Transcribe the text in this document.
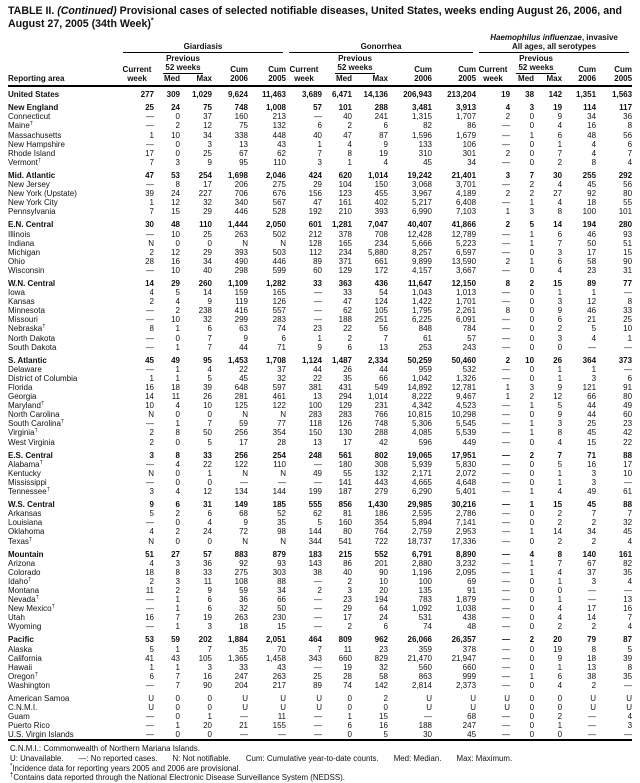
TABLE II. (Continued) Provisional cases of selected notifiable diseases, United States, weeks ending August 26, 2006, and August 27, 2005 (34th Week)*

	Giardiasis					Gonorrhea					Haemophilus influenzae, invasive
All ages, all serotypes				

		Previous					Previous					Previous			
	Current	52 weeks		Cum	Cum	Current	52 weeks		Cum	Cum	Current	52 weeks		Cum	Cum
Reporting area	week	Med	Max	2006	2005	week	Med	Max	2006	2005	week	Med	Max	2006	2005
United States	277	309	1,029	9,624	11,463	3,689	6,471	14,136	206,943	213,204	19	38	142	1,351	1,563
New England	25	24	75	748	1,008	57	101	288	3,481	3,913	4	3	19	114	117
Connecticut	—	0	37	160	213	—	40	241	1,315	1,707	2	0	9	34	36
Maine†	—	2	12	75	132	6	2	6	82	86	—	0	4	16	8
Massachusetts	1	10	34	338	448	40	47	87	1,596	1,679	—	1	6	48	56
New Hampshire	—	0	3	13	43	1	4	9	133	106	—	0	1	4	6
Rhode Island	17	0	25	67	62	7	8	19	310	301	2	0	7	4	7
Vermont†	7	3	9	95	110	3	1	4	45	34	—	0	2	8	4
Mid. Atlantic	47	53	254	1,698	2,046	424	620	1,014	19,242	21,401	3	7	30	255	292
New Jersey	—	8	17	206	275	29	104	150	3,068	3,701	—	2	4	45	56
New York (Upstate)	39	24	227	706	676	156	123	455	3,967	4,189	2	2	27	92	80
New York City	1	12	32	340	567	47	161	402	5,217	6,408	—	1	4	18	55
Pennsylvania	7	15	29	446	528	192	210	393	6,990	7,103	1	3	8	100	101
E.N. Central	30	48	110	1,444	2,050	601	1,281	7,047	40,407	41,866	2	5	14	194	280
Illinois	—	10	25	263	502	212	378	708	12,428	12,789	—	1	6	46	93
Indiana	N	0	0	N	N	128	165	234	5,666	5,223	—	1	7	50	51
Michigan	2	12	29	393	503	112	234	5,880	8,257	6,597	—	0	3	17	15
Ohio	28	16	34	490	446	89	371	661	9,899	13,590	2	1	6	58	90
Wisconsin	—	10	40	298	599	60	129	172	4,157	3,667	—	0	4	23	31
W.N. Central	14	29	260	1,109	1,282	33	363	436	11,647	12,150	8	2	15	89	77
Iowa	4	5	14	159	165	—	33	54	1,043	1,013	—	0	1	1	—
Kansas	2	4	9	119	126	—	47	124	1,422	1,701	—	0	3	12	8
Minnesota	—	2	238	416	557	—	62	105	1,795	2,261	8	0	9	46	33
Missouri	—	10	32	299	283	—	188	251	6,225	6,091	—	0	6	21	25
Nebraska†	8	1	6	63	74	23	22	56	848	784	—	0	2	5	10
North Dakota	—	0	7	9	6	1	2	7	61	57	—	0	3	4	1
South Dakota	—	1	7	44	71	9	6	13	253	243	—	0	0	—	—
S. Atlantic	45	49	95	1,453	1,708	1,124	1,487	2,334	50,259	50,460	2	10	26	364	373
Delaware	—	1	4	22	37	44	26	44	959	532	—	0	1	1	—
District of Columbia	1	1	5	45	32	22	35	66	1,042	1,326	—	0	1	3	6
Florida	16	18	39	648	597	381	431	549	14,892	12,781	1	3	9	121	91
Georgia	14	11	26	281	461	13	294	1,014	8,222	9,467	1	2	12	66	80
Maryland†	10	4	10	125	122	100	129	231	4,342	4,523	—	1	5	44	49
North Carolina	N	0	0	N	N	283	283	766	10,815	10,298	—	0	9	44	60
South Carolina†	—	1	7	59	77	118	126	748	5,306	5,545	—	1	3	25	23
Virginia†	2	8	50	256	354	150	130	288	4,085	5,539	—	1	8	45	42
West Virginia	2	0	5	17	28	13	17	42	596	449	—	0	4	15	22
E.S. Central	3	8	33	256	254	248	561	802	19,065	17,951	—	2	7	71	88
Alabama†	—	4	22	122	110	—	180	308	5,939	5,830	—	0	5	16	17
Kentucky	N	0	1	N	N	49	55	132	2,171	2,072	—	0	1	3	10
Mississippi	—	0	0	—	—	—	141	443	4,665	4,648	—	0	1	3	—
Tennessee†	3	4	12	134	144	199	187	279	6,290	5,401	—	1	4	49	61
W.S. Central	9	6	31	149	185	555	856	1,430	29,985	30,216	—	1	15	45	88
Arkansas	5	2	6	68	52	62	81	186	2,595	2,786	—	0	2	7	7
Louisiana	—	0	4	9	35	5	160	354	5,894	7,141	—	0	2	2	32
Oklahoma	4	2	24	72	98	144	80	764	2,759	2,953	—	1	14	34	45
Texas†	N	0	0	N	N	344	541	722	18,737	17,336	—	0	2	2	4
Mountain	51	27	57	883	879	183	215	552	6,791	8,890	—	4	8	140	161
Arizona	4	3	36	92	93	143	86	201	2,880	3,232	—	1	7	67	82
Colorado	18	8	33	275	303	38	40	90	1,196	2,095	—	1	4	37	35
Idaho†	2	3	11	108	88	—	2	10	100	69	—	0	1	3	4
Montana	11	2	9	59	34	2	3	20	135	91	—	0	0	—	—
Nevada†	—	1	6	36	66	—	23	194	783	1,879	—	0	1	—	13
New Mexico†	—	1	6	32	50	—	29	64	1,092	1,038	—	0	4	17	16
Utah	16	7	19	263	230	—	17	24	531	438	—	0	4	14	7
Wyoming	—	1	3	18	15	—	2	6	74	48	—	0	2	2	4
Pacific	53	59	202	1,884	2,051	464	809	962	26,066	26,357	—	2	20	79	87
Alaska	5	1	7	35	70	7	11	23	359	378	—	0	19	8	5
California	41	43	105	1,365	1,458	343	660	829	21,470	21,947	—	0	9	18	39
Hawaii	1	1	3	33	43	—	19	32	560	660	—	0	1	13	8
Oregon†	6	7	16	247	263	25	28	58	863	999	—	1	6	38	35
Washington	—	7	90	204	217	89	74	142	2,814	2,373	—	0	4	2	—
American Samoa	U	0	0	U	U	U	0	2	U	U	U	0	0	U	U
C.N.M.I.	U	0	0	U	U	U	0	0	U	U	U	0	0	U	U
Guam	—	0	1	—	11	—	1	15	—	68	—	0	2	—	4
Puerto Rico	—	1	20	21	155	—	6	16	188	247	—	0	1	—	3
U.S. Virgin Islands	—	0	0	—	—	—	0	5	30	45	—	0	0	—	—

C.N.M.I.: Commonwealth of Northern Mariana Islands.

U: Unavailable. —: No reported cases. N: Not notifiable. Cum: Cumulative year-to-date counts. Med: Median. Max: Maximum.

*Incidence data for reporting years 2005 and 2006 are provisional.

†Contains data reported through the National Electronic Disease Surveillance System (NEDSS).
